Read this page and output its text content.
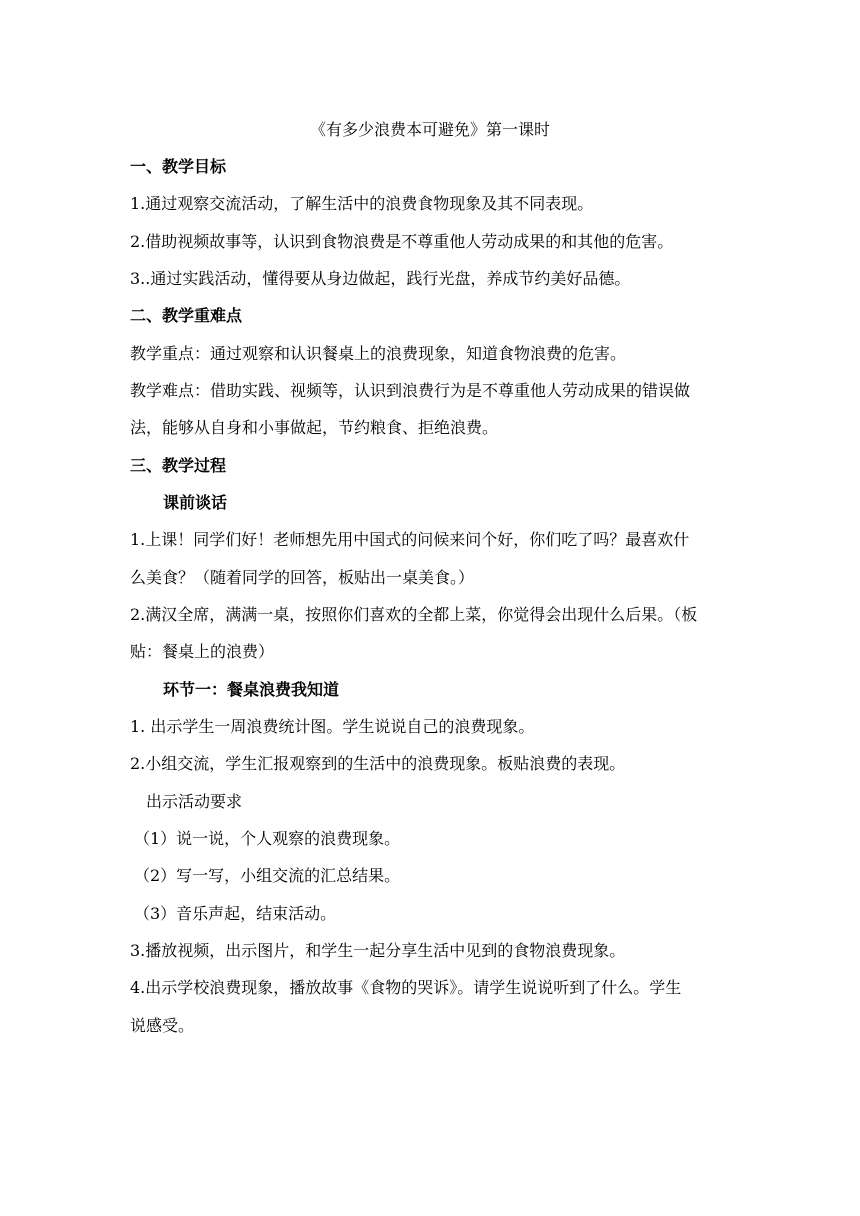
《有多少浪费本可避免》第一课时
一、教学目标
1.通过观察交流活动，了解生活中的浪费食物现象及其不同表现。
2.借助视频故事等，认识到食物浪费是不尊重他人劳动成果的和其他的危害。
3..通过实践活动，懂得要从身边做起，践行光盘，养成节约美好品德。
二、教学重难点
教学重点：通过观察和认识餐桌上的浪费现象，知道食物浪费的危害。
教学难点：借助实践、视频等，认识到浪费行为是不尊重他人劳动成果的错误做
法，能够从自身和小事做起，节约粮食、拒绝浪费。
三、教学过程
课前谈话
1.上课！同学们好！老师想先用中国式的问候来问个好，你们吃了吗？最喜欢什
么美食？（随着同学的回答，板贴出一桌美食。）
2.满汉全席，满满一桌，按照你们喜欢的全都上菜，你觉得会出现什么后果。（板
贴：餐桌上的浪费）
环节一：餐桌浪费我知道
1. 出示学生一周浪费统计图。学生说说自己的浪费现象。
2.小组交流，学生汇报观察到的生活中的浪费现象。板贴浪费的表现。
出示活动要求
（1）说一说，个人观察的浪费现象。
（2）写一写，小组交流的汇总结果。
（3）音乐声起，结束活动。
3.播放视频，出示图片，和学生一起分享生活中见到的食物浪费现象。
4.出示学校浪费现象，播放故事《食物的哭诉》。请学生说说听到了什么。学生
说感受。
